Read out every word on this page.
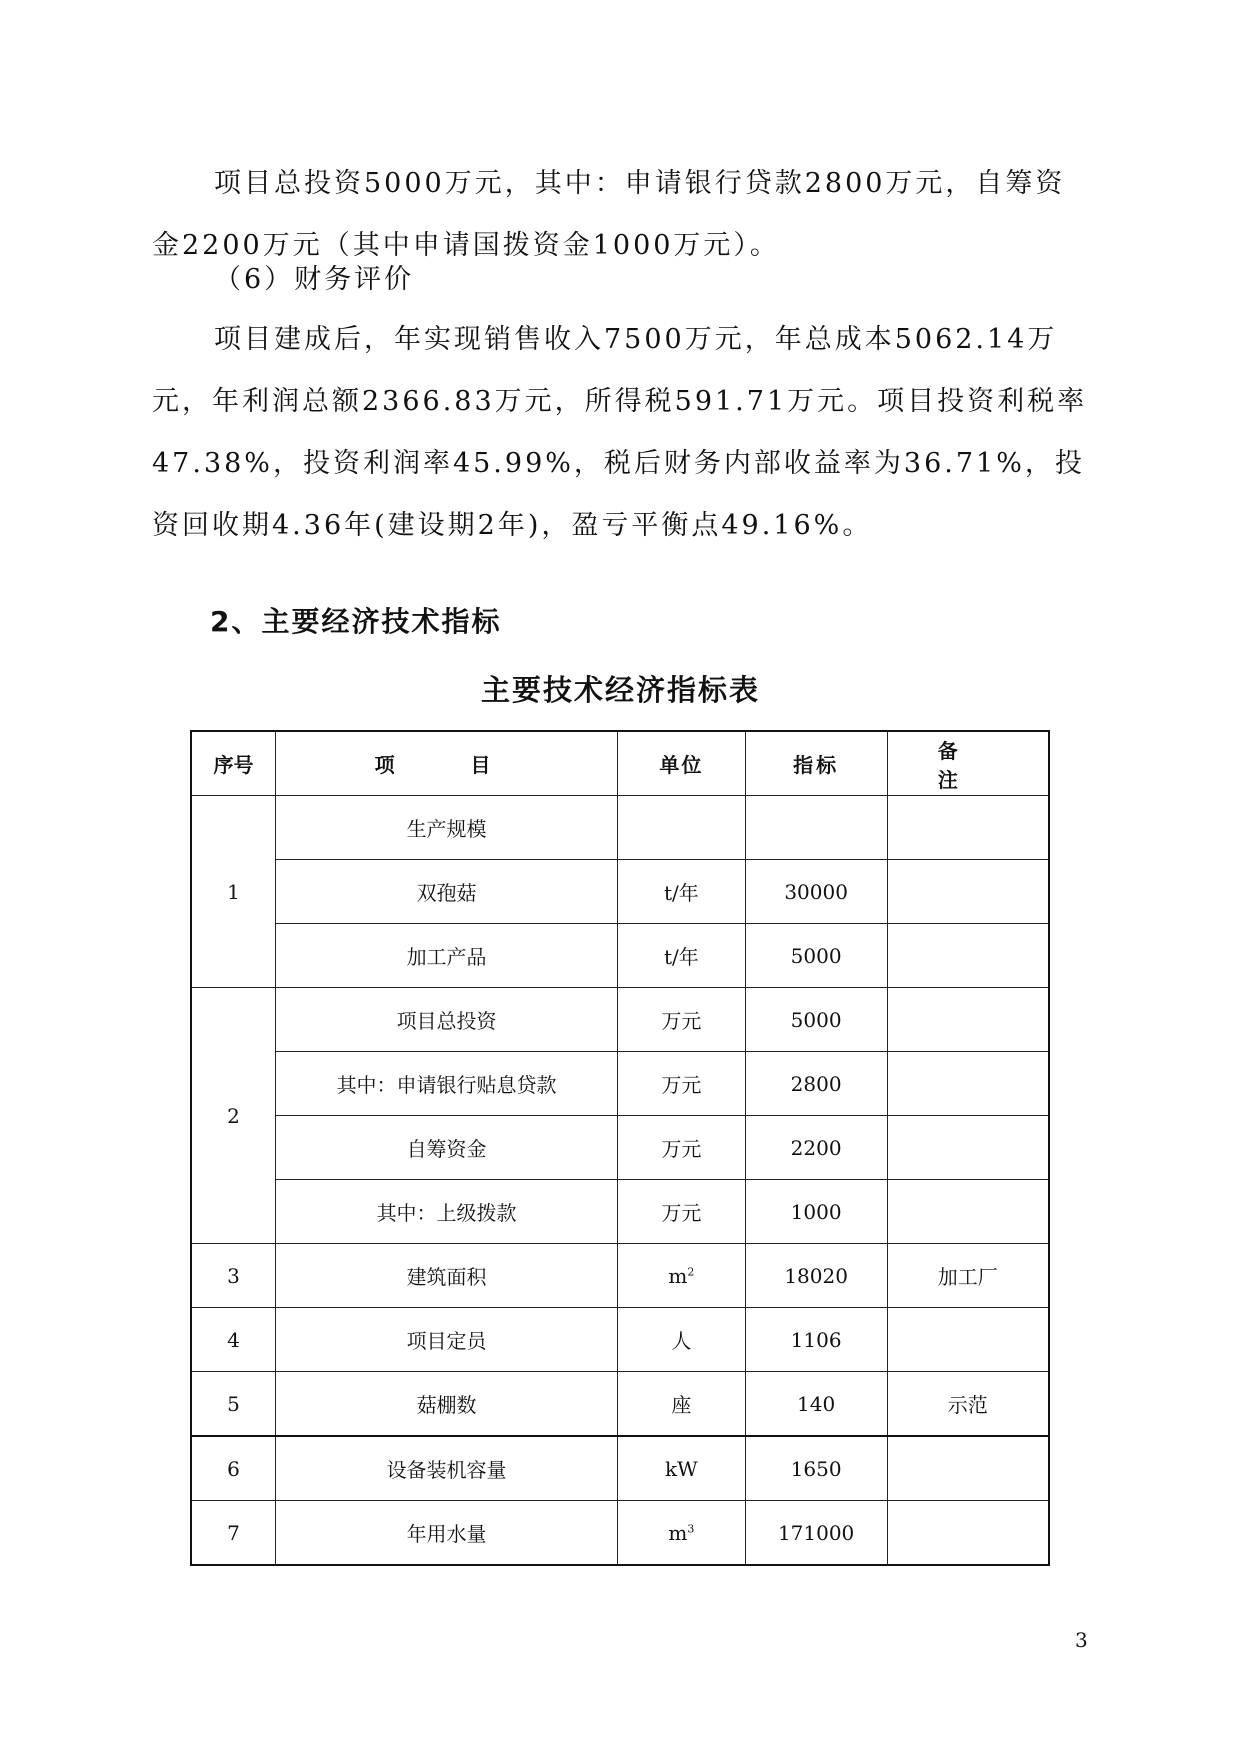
项目总投资5000万元，其中：申请银行贷款2800万元，自筹资金2200万元（其中申请国拨资金1000万元）。

（6）财务评价

项目建成后，年实现销售收入7500万元，年总成本5062.14万元，年利润总额2366.83万元，所得税591.71万元。项目投资利税率47.38%，投资利润率45.99%，税后财务内部收益率为36.71%，投资回收期4.36年(建设期2年)，盈亏平衡点49.16%。

2、主要经济技术指标
主要技术经济指标表
序号	项　目	单位	指标	备　注
1	生产规模			
	双孢菇	t/年	30000	
	加工产品	t/年	5000	
2	项目总投资	万元	5000	
	其中：申请银行贴息贷款	万元	2800	
	自筹资金	万元	2200	
	其中：上级拨款	万元	1000	
3	建筑面积	$m^2$	18020	加工厂
4	项目定员	人	1106	
5	菇棚数	座	140	示范
6	设备装机容量	kW	1650	
7	年用水量	$m^3$	171000	

3
